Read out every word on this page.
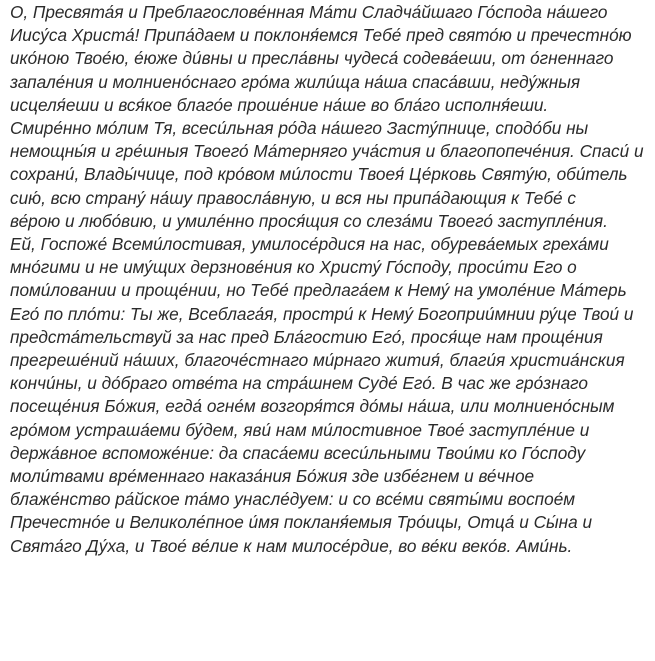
О, Пресвята́я и Преблагослове́нная Ма́ти Сладча́йшаго Го́спода на́шего
Иису́са Христа́! Припа́даем и поклоня́емся Тебе́ пред свято́ю и пречестно́ю
ико́ною Твое́ю, е́юже ди́вны и пресла́вны чудеса́ содева́еши, от о́гненнаго
запале́ния и молниено́снаго гро́ма жили́ща на́ша спаса́вши, неду́жныя
исцеля́еши и вся́кое благо́е проше́ние на́ше во бла́го исполня́еши.
Смире́нно мо́лим Тя, всеси́льная ро́да на́шего Засту́пнице, сподо́би ны
немощны́я и гре́шныя Твоего́ Ма́терняго уча́стия и благопопече́ния. Спаси́ и
сохрани́, Влады́чице, под кро́вом ми́лости Твоея́ Це́рковь Святу́ю, оби́тель
сию́, всю страну́ на́шу правосла́вную, и вся ны припа́дающия к Тебе́ с
ве́рою и любо́вию, и умиле́нно прося́щия со слеза́ми Твоего́ заступле́ния.
Ей, Госпоже́ Всеми́лостивая, умилосе́рдися на нас, обурева́емых греха́ми
мно́гими и не иму́щих дерзнове́ния ко Христу́ Го́споду, проси́ти Его о
поми́ловании и проще́нии, но Тебе́ предлага́ем к Нему́ на умоле́ние Ма́терь
Его́ по пло́ти: Ты же, Всеблага́я, простри́ к Нему́ Богоприи́мнии ру́це Твои́ и
предста́тельствуй за нас пред Бла́гостию Его́, прося́ще нам проще́ния
прегреше́ний на́ших, благоче́стнаго ми́рнаго жития́, благи́я христиа́нския
кончи́ны, и до́браго отве́та на стра́шнем Суде́ Его́. В час же гро́знаго
посеще́ния Бо́жия, егда́ огне́м возгоря́тся до́мы на́ша, или молниено́сным
гро́мом устраша́еми бу́дем, яви́ нам ми́лостивное Твое́ заступле́ние и
держа́вное вспоможе́ние: да спаса́еми всеси́льными Твои́ми ко Го́споду
моли́твами вре́меннаго наказа́ния Бо́жия зде избе́гнем и ве́чное
блаже́нство ра́йское та́мо унасле́дуем: и со все́ми святы́ми воспое́м
Пречестно́е и Великоле́пное и́мя покланя́емыя Тро́ицы, Отца́ и Сы́на и
Свята́го Ду́ха, и Твое́ ве́лие к нам милосе́рдие, во ве́ки веко́в. Ами́нь.
